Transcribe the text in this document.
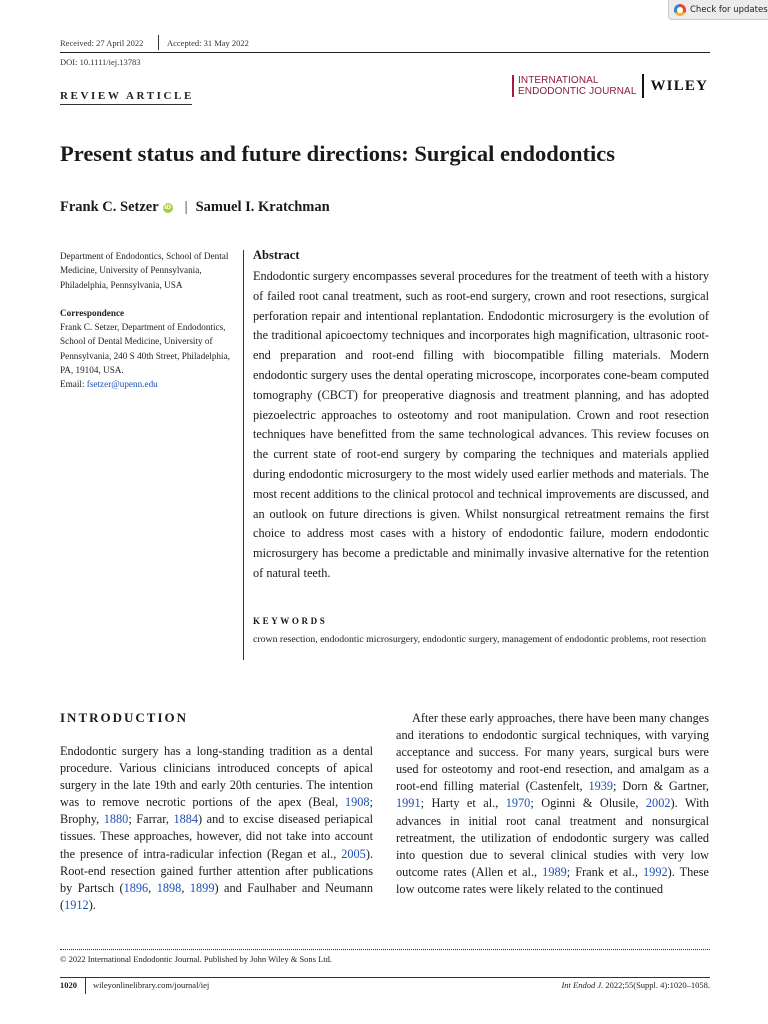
Check for updates
Received: 27 April 2022	Accepted: 31 May 2022
DOI: 10.1111/iej.13783
REVIEW ARTICLE
INTERNATIONAL
ENDODONTIC JOURNAL WILEY
Present status and future directions: Surgical endodontics
Frank C. Setzer iD | Samuel I. Kratchman
Department of Endodontics, School of Dental Medicine, University of Pennsylvania, Philadelphia, Pennsylvania, USA
Correspondence
Frank C. Setzer, Department of Endodontics, School of Dental Medicine, University of Pennsylvania, 240 S 40th Street, Philadelphia, PA, 19104, USA.
Email: fsetzer@upenn.edu
Abstract
Endodontic surgery encompasses several procedures for the treatment of teeth with a history of failed root canal treatment, such as root-end surgery, crown and root resections, surgical perforation repair and intentional replantation. Endodontic microsurgery is the evolution of the traditional apicoectomy techniques and incorporates high magnification, ultrasonic root-end preparation and root-end filling with biocompatible filling materials. Modern endodontic surgery uses the dental operating microscope, incorporates cone-beam computed tomography (CBCT) for preoperative diagnosis and treatment planning, and has adopted piezoelectric approaches to osteotomy and root manipulation. Crown and root resection techniques have benefitted from the same technological advances. This review focuses on the current state of root-end surgery by comparing the techniques and materials applied during endodontic microsurgery to the most widely used earlier methods and materials. The most recent additions to the clinical protocol and technical improvements are discussed, and an outlook on future directions is given. Whilst nonsurgical retreatment remains the first choice to address most cases with a history of endodontic failure, modern endodontic microsurgery has become a predictable and minimally invasive alternative for the retention of natural teeth.
KEYWORDS
crown resection, endodontic microsurgery, endodontic surgery, management of endodontic problems, root resection
INTRODUCTION
Endodontic surgery has a long-standing tradition as a dental procedure. Various clinicians introduced concepts of apical surgery in the late 19th and early 20th centuries. The intention was to remove necrotic portions of the apex (Beal, 1908; Brophy, 1880; Farrar, 1884) and to excise diseased periapical tissues. These approaches, however, did not take into account the presence of intra-radicular infection (Regan et al., 2005). Root-end resection gained further attention after publications by Partsch (1896, 1898, 1899) and Faulhaber and Neumann (1912).
After these early approaches, there have been many changes and iterations to endodontic surgical techniques, with varying acceptance and success. For many years, surgical burs were used for osteotomy and root-end resection, and amalgam as a root-end filling material (Castenfelt, 1939; Dorn & Gartner, 1991; Harty et al., 1970; Oginni & Olusile, 2002). With advances in initial root canal treatment and nonsurgical retreatment, the utilization of endodontic surgery was called into question due to several clinical studies with very low outcome rates (Allen et al., 1989; Frank et al., 1992). These low outcome rates were likely related to the continued
© 2022 International Endodontic Journal. Published by John Wiley & Sons Ltd.
1020 wileyonlinelibrary.com/journal/iej	Int Endod J. 2022;55(Suppl. 4):1020–1058.
